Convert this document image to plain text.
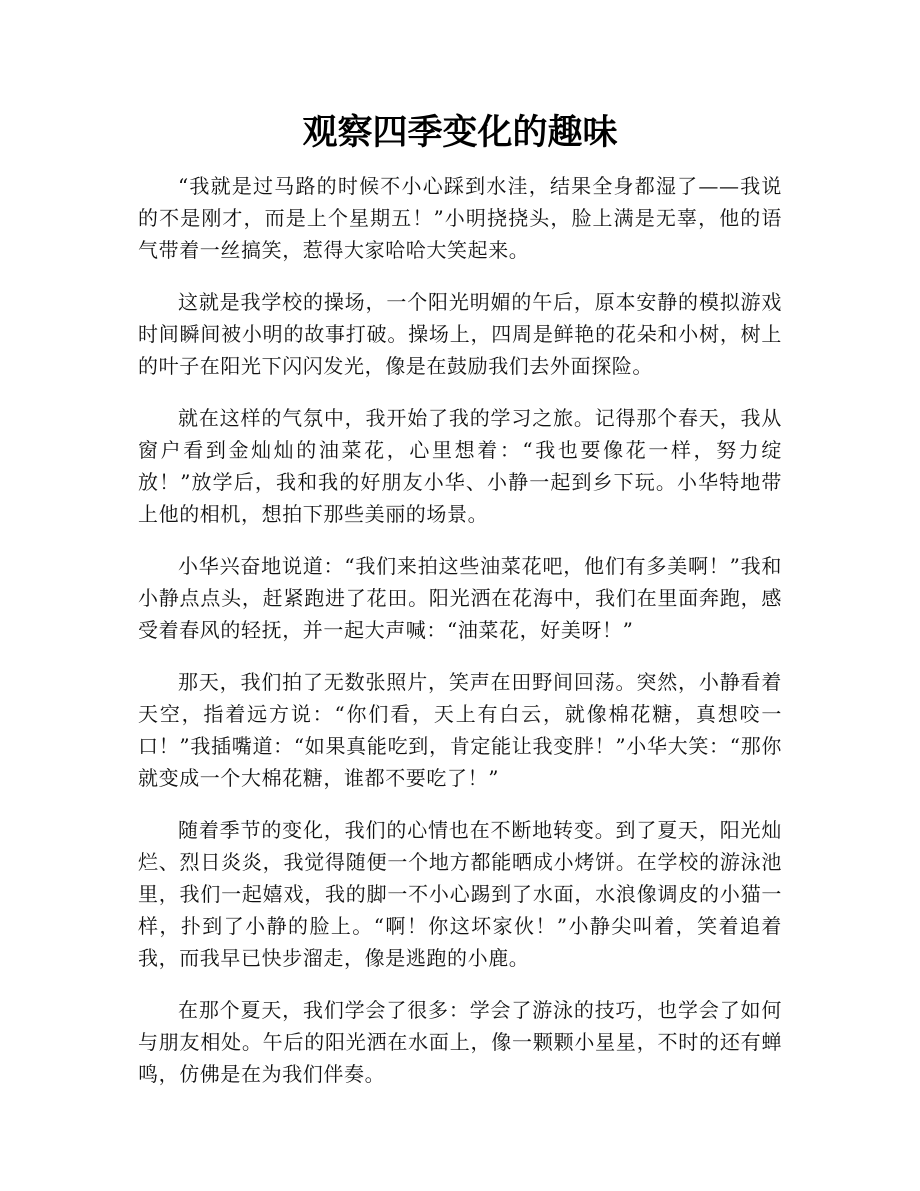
观察四季变化的趣味

“我就是过马路的时候不小心踩到水洼，结果全身都湿了——我说的不是刚才，而是上个星期五！”小明挠挠头，脸上满是无辜，他的语气带着一丝搞笑，惹得大家哈哈大笑起来。

这就是我学校的操场，一个阳光明媚的午后，原本安静的模拟游戏时间瞬间被小明的故事打破。操场上，四周是鲜艳的花朵和小树，树上的叶子在阳光下闪闪发光，像是在鼓励我们去外面探险。

就在这样的气氛中，我开始了我的学习之旅。记得那个春天，我从窗户看到金灿灿的油菜花，心里想着：“我也要像花一样，努力绽放！”放学后，我和我的好朋友小华、小静一起到乡下玩。小华特地带上他的相机，想拍下那些美丽的场景。

小华兴奋地说道：“我们来拍这些油菜花吧，他们有多美啊！”我和小静点点头，赶紧跑进了花田。阳光洒在花海中，我们在里面奔跑，感受着春风的轻抚，并一起大声喊：“油菜花，好美呀！”

那天，我们拍了无数张照片，笑声在田野间回荡。突然，小静看着天空，指着远方说：“你们看，天上有白云，就像棉花糖，真想咬一口！”我插嘴道：“如果真能吃到，肯定能让我变胖！”小华大笑：“那你就变成一个大棉花糖，谁都不要吃了！”

随着季节的变化，我们的心情也在不断地转变。到了夏天，阳光灿烂、烈日炎炎，我觉得随便一个地方都能晒成小烤饼。在学校的游泳池里，我们一起嬉戏，我的脚一不小心踢到了水面，水浪像调皮的小猫一样，扑到了小静的脸上。“啊！你这坏家伙！”小静尖叫着，笑着追着我，而我早已快步溜走，像是逃跑的小鹿。

在那个夏天，我们学会了很多：学会了游泳的技巧，也学会了如何与朋友相处。午后的阳光洒在水面上，像一颗颗小星星，不时的还有蝉鸣，仿佛是在为我们伴奏。
